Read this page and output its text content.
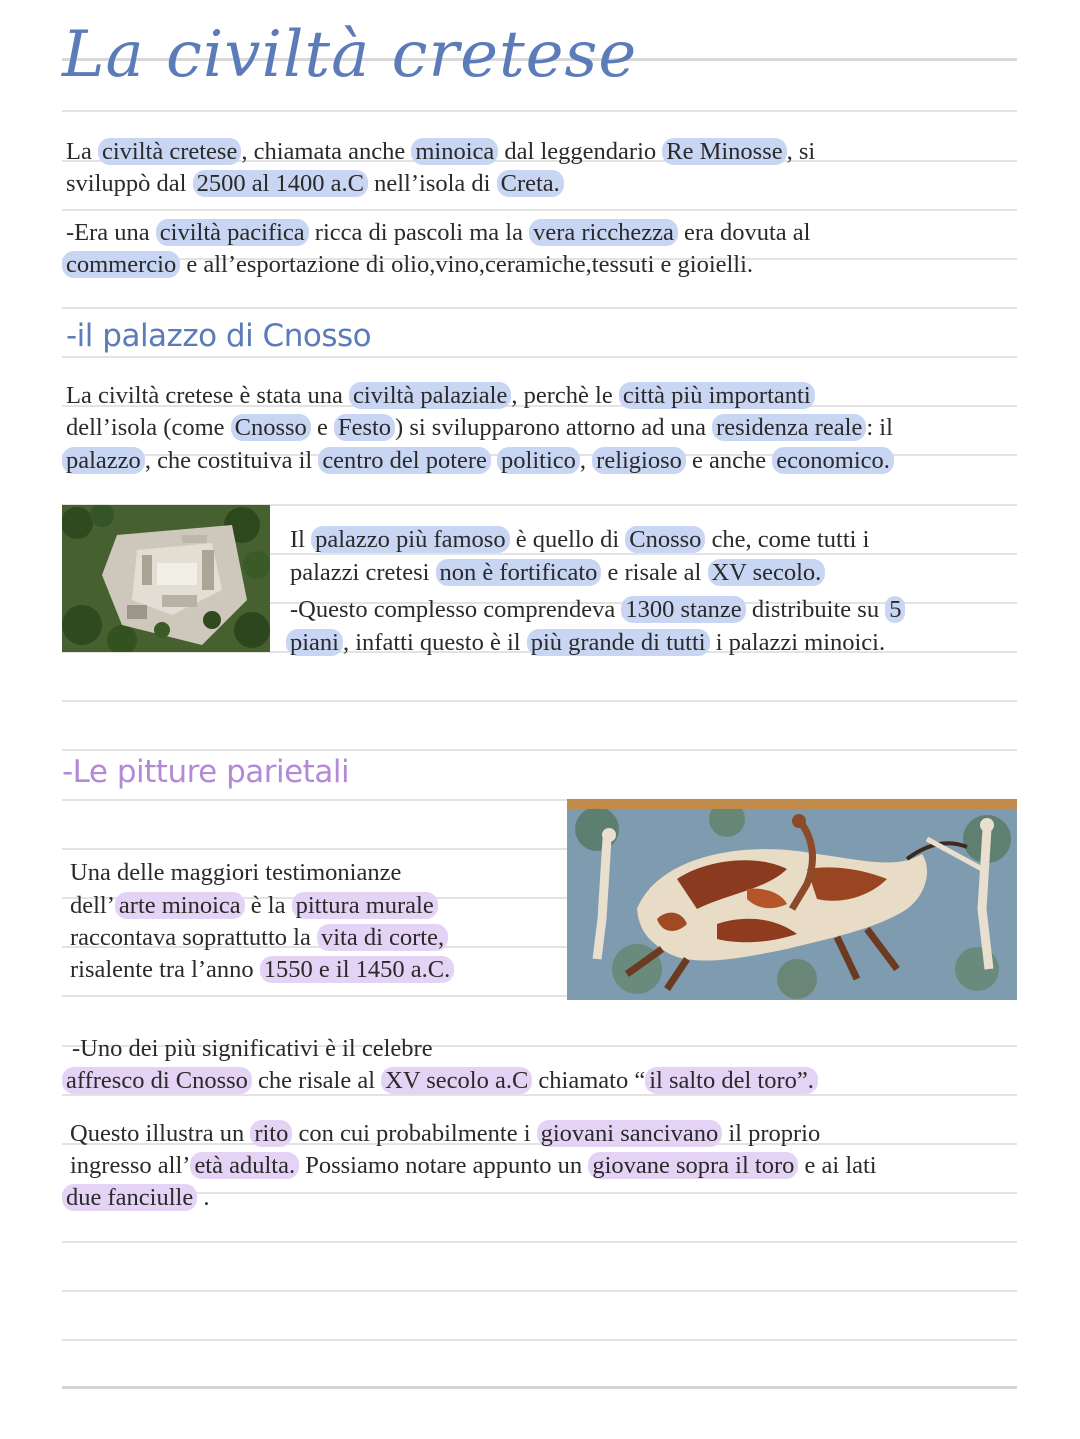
La civiltà cretese
La civiltà cretese , chiamata anche minoica dal leggendario Re Minosse , si
sviluppò dal 2500 al 1400 a.C nell’isola di Creta.
-Era una civiltà pacifica ricca di pascoli ma la vera ricchezza era dovuta al
commercio e all’esportazione di olio,vino,ceramiche,tessuti e gioielli.
-il palazzo di Cnosso
La civiltà cretese è stata una civiltà palaziale , perchè le città più importanti
dell’isola (come Cnosso e Festo ) si svilupparono attorno ad una residenza reale : il
palazzo , che costituiva il centro del potere politico , religioso e anche economico.
Il palazzo più famoso è quello di Cnosso che, come tutti i
palazzi cretesi non è fortificato e risale al XV secolo.
-Questo complesso comprendeva 1300 stanze distribuite su 5
piani , infatti questo è il più grande di tutti i palazzi minoici.
-Le pitture parietali
Una delle maggiori testimonianze
dell’ arte minoica è la pittura murale
raccontava soprattutto la vita di corte,
risalente tra l’anno 1550 e il 1450 a.C.
-Uno dei più significativi è il celebre
affresco di Cnosso che risale al XV secolo a.C chiamato “ il salto del toro”.
Questo illustra un rito con cui probabilmente i giovani sancivano il proprio
ingresso all’ età adulta. Possiamo notare appunto un giovane sopra il toro e ai lati
due fanciulle .
